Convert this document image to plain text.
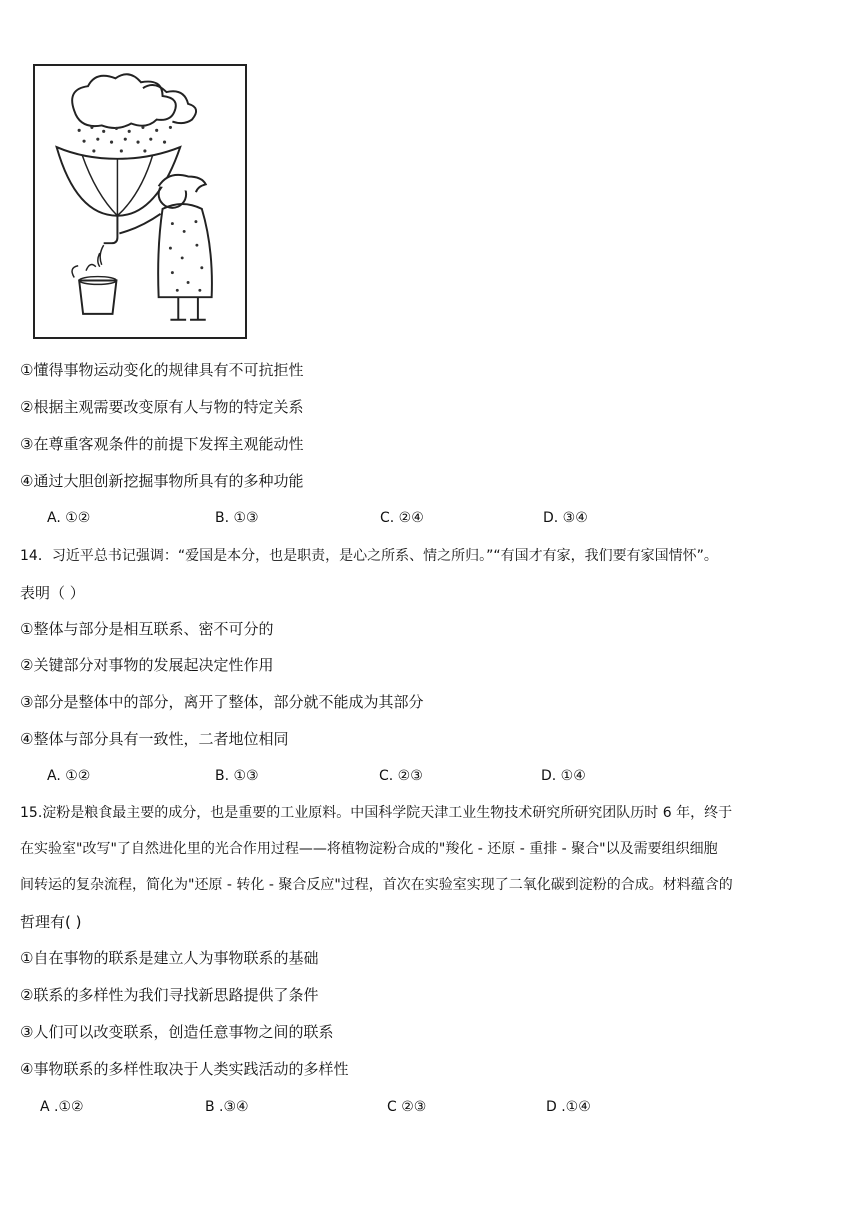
①懂得事物运动变化的规律具有不可抗拒性
②根据主观需要改变原有人与物的特定关系
③在尊重客观条件的前提下发挥主观能动性
④通过大胆创新挖掘事物所具有的多种功能
A. ①②	B. ①③	C. ②④	D. ③④
14．习近平总书记强调：“爱国是本分，也是职责，是心之所系、情之所归。”“有国才有家，我们要有家国情怀”。
表明（ ）
①整体与部分是相互联系、密不可分的
②关键部分对事物的发展起决定性作用
③部分是整体中的部分，离开了整体，部分就不能成为其部分
④整体与部分具有一致性，二者地位相同
A. ①②	B. ①③	C. ②③	D. ①④
15.淀粉是粮食最主要的成分，也是重要的工业原料。中国科学院天津工业生物技术研究所研究团队历时 6 年，终于
在实验室"改写"了自然进化里的光合作用过程——将植物淀粉合成的"羧化 - 还原 - 重排 - 聚合"以及需要组织细胞
间转运的复杂流程，简化为"还原 - 转化 - 聚合反应"过程，首次在实验室实现了二氧化碳到淀粉的合成。材料蕴含的
哲理有( )
①自在事物的联系是建立人为事物联系的基础
②联系的多样性为我们寻找新思路提供了条件
③人们可以改变联系，创造任意事物之间的联系
④事物联系的多样性取决于人类实践活动的多样性
A .①②	B .③④	C ②③	D .①④
